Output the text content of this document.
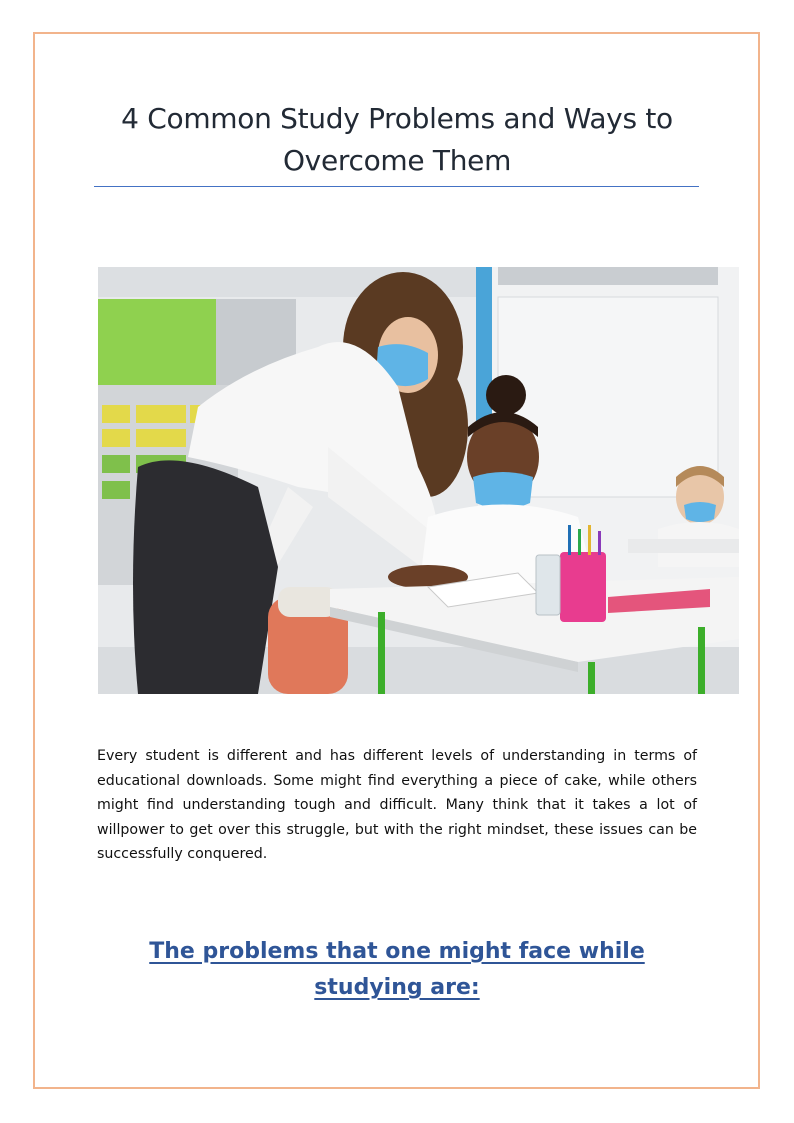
4 Common Study Problems and Ways to Overcome Them

Every student is different and has different levels of understanding in terms of educational downloads. Some might find everything a piece of cake, while others might find understanding tough and difficult. Many think that it takes a lot of willpower to get over this struggle, but with the right mindset, these issues can be successfully conquered.

The problems that one might face while studying are:
